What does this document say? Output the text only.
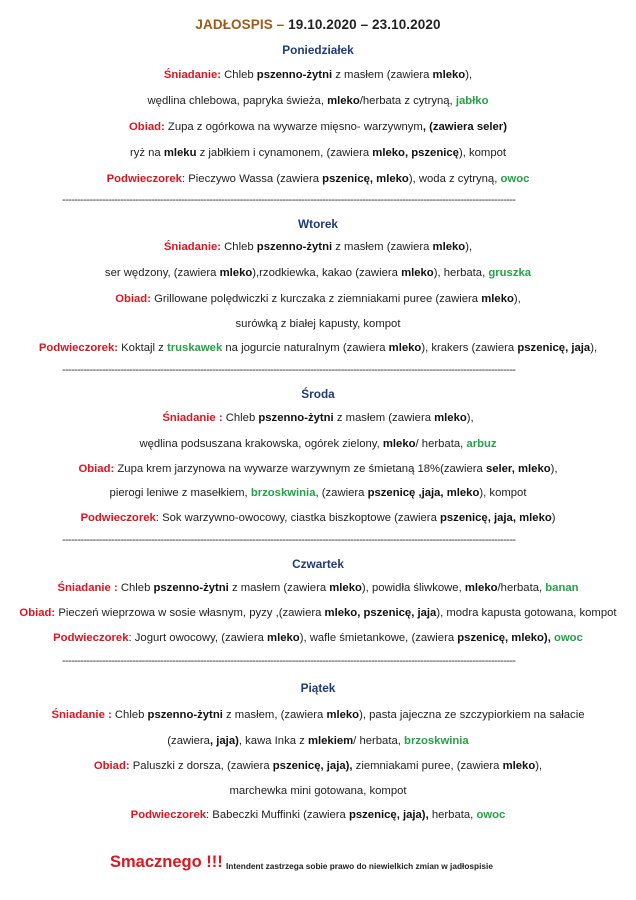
JADŁOSPIS – 19.10.2020 – 23.10.2020
Poniedziałek
Śniadanie: Chleb pszenno-żytni z masłem (zawiera mleko),
wędlina chlebowa, papryka świeża, mleko/herbata z cytryną, jabłko
Obiad: Zupa z ogórkowa na wywarze mięsno- warzywnym, (zawiera seler)
ryż na mleku z jabłkiem i cynamonem, (zawiera mleko, pszenicę), kompot
Podwieczorek: Pieczywo Wassa (zawiera pszenicę, mleko), woda z cytryną, owoc
----------------------------------------------------------------------------------------------------------------------------------------------------
Wtorek
Śniadanie: Chleb pszenno-żytni z masłem (zawiera mleko),
ser wędzony, (zawiera mleko),rzodkiewka, kakao (zawiera mleko), herbata, gruszka
Obiad: Grillowane polędwiczki z kurczaka z ziemniakami puree (zawiera mleko),
surówką z białej kapusty, kompot
Podwieczorek: Koktajl z truskawek na jogurcie naturalnym (zawiera mleko), krakers (zawiera pszenicę, jaja),
----------------------------------------------------------------------------------------------------------------------------------------------------
Środa
Śniadanie : Chleb pszenno-żytni z masłem (zawiera mleko),
wędlina podsuszana krakowska, ogórek zielony, mleko/ herbata, arbuz
Obiad: Zupa krem jarzynowa na wywarze warzywnym ze śmietaną 18%(zawiera seler, mleko),
pierogi leniwe z masełkiem, brzoskwinia, (zawiera pszenicę ,jaja, mleko), kompot
Podwieczorek: Sok warzywno-owocowy, ciastka biszkoptowe (zawiera pszenicę, jaja, mleko)
----------------------------------------------------------------------------------------------------------------------------------------------------
Czwartek
Śniadanie : Chleb pszenno-żytni z masłem (zawiera mleko), powidła śliwkowe, mleko/herbata, banan
Obiad: Pieczeń wieprzowa w sosie własnym, pyzy ,(zawiera mleko, pszenicę, jaja), modra kapusta gotowana, kompot
Podwieczorek: Jogurt owocowy, (zawiera mleko), wafle śmietankowe, (zawiera pszenicę, mleko), owoc
----------------------------------------------------------------------------------------------------------------------------------------------------
Piątek
Śniadanie : Chleb pszenno-żytni z masłem, (zawiera mleko), pasta jajeczna ze szczypiorkiem na sałacie
(zawiera, jaja), kawa Inka z mlekiem/ herbata, brzoskwinia
Obiad: Paluszki z dorsza, (zawiera pszenicę, jaja), ziemniakami puree, (zawiera mleko),
marchewka mini gotowana, kompot
Podwieczorek: Babeczki Muffinki (zawiera pszenicę, jaja), herbata, owoc
Smacznego !!! Intendent zastrzega sobie prawo do niewielkich zmian w jadłospisie
